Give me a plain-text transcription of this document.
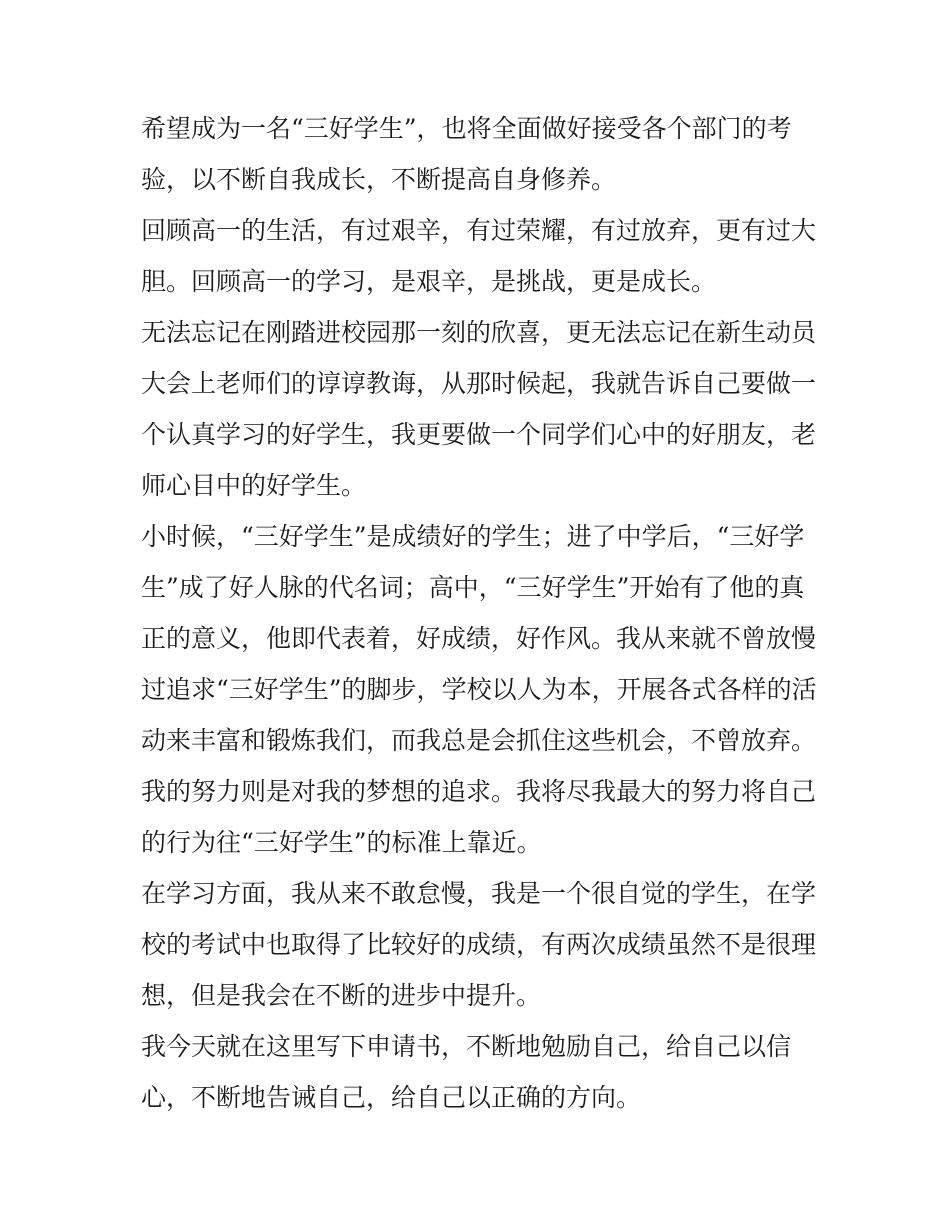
希望成为一名“三好学生”，也将全面做好接受各个部门的考
验，以不断自我成长，不断提高自身修养。
回顾高一的生活，有过艰辛，有过荣耀，有过放弃，更有过大
胆。回顾高一的学习，是艰辛，是挑战，更是成长。
无法忘记在刚踏进校园那一刻的欣喜，更无法忘记在新生动员
大会上老师们的谆谆教诲，从那时候起，我就告诉自己要做一
个认真学习的好学生，我更要做一个同学们心中的好朋友，老
师心目中的好学生。
小时候，“三好学生”是成绩好的学生；进了中学后，“三好学
生”成了好人脉的代名词；高中，“三好学生”开始有了他的真
正的意义，他即代表着，好成绩，好作风。我从来就不曾放慢
过追求“三好学生”的脚步，学校以人为本，开展各式各样的活
动来丰富和锻炼我们，而我总是会抓住这些机会，不曾放弃。
我的努力则是对我的梦想的追求。我将尽我最大的努力将自己
的行为往“三好学生”的标准上靠近。
在学习方面，我从来不敢怠慢，我是一个很自觉的学生，在学
校的考试中也取得了比较好的成绩，有两次成绩虽然不是很理
想，但是我会在不断的进步中提升。
我今天就在这里写下申请书，不断地勉励自己，给自己以信
心，不断地告诫自己，给自己以正确的方向。
